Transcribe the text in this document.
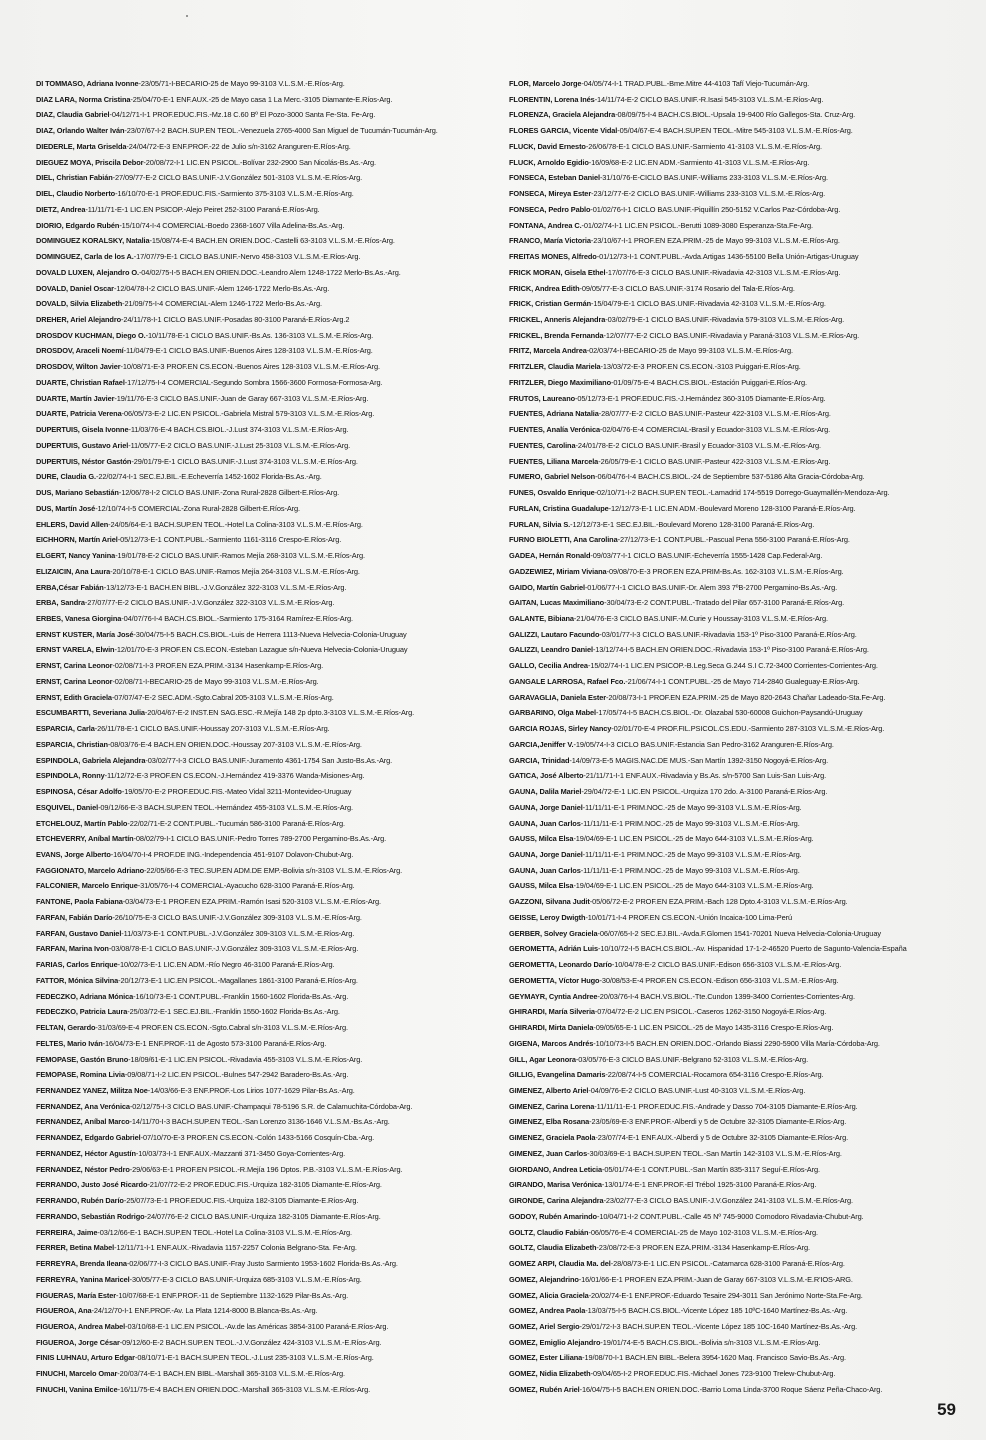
DI TOMMASO, Adriana Ivonne-23/05/71-I-BECARIO-25 de Mayo 99-3103 V.L.S.M.-E.Ríos-Arg.
DIAZ LARA, Norma Cristina-25/04/70-E-1 ENF.AUX.-25 de Mayo casa 1 La Merc.-3105 Diamante-E.Ríos-Arg.
DIAZ, Claudia Gabriel-04/12/71-I-1 PROF.EDUC.FIS.-Mz.18 C.60 Bº El Pozo-3000 Santa Fe-Sta. Fe-Arg.
DIAZ, Orlando Walter Iván-23/07/67-I-2 BACH.SUP.EN TEOL.-Venezuela 2765-4000 San Miguel de Tucumán-Tucumán-Arg.
DIEDERLE, Marta Griselda-24/04/72-E-3 ENF.PROF.-22 de Julio s/n-3162 Aranguren-E.Ríos-Arg.
DIEGUEZ MOYA, Priscila Debor-20/08/72-I-1 LIC.EN PSICOL.-Bolívar 232-2900 San Nicolás-Bs.As.-Arg.
DIEL, Christian Fabián-27/09/77-E-2 CICLO BAS.UNIF.-J.V.González 501-3103 V.L.S.M.-E.Ríos-Arg.
DIEL, Claudio Norberto-16/10/70-E-1 PROF.EDUC.FIS.-Sarmiento 375-3103 V.L.S.M.-E.Ríos-Arg.
DIETZ, Andrea-11/11/71-E-1 LIC.EN PSICOP.-Alejo Peiret 252-3100 Paraná-E.Ríos-Arg.
DIORIO, Edgardo Rubén-15/10/74-I-4 COMERCIAL-Boedo 2368-1607 Villa Adelina-Bs.As.-Arg.
DOMINGUEZ KORALSKY, Natalia-15/08/74-E-4 BACH.EN ORIEN.DOC.-Castelli 63-3103 V.L.S.M.-E.Ríos-Arg.
DOMINGUEZ, Carla de los A.-17/07/79-E-1 CICLO BAS.UNIF.-Nervo 458-3103 V.L.S.M.-E.Ríos-Arg.
DOVALD LUXEN, Alejandro O.-04/02/75-I-5 BACH.EN ORIEN.DOC.-Leandro Alem 1248-1722 Merlo-Bs.As.-Arg.
DOVALD, Daniel Oscar-12/04/78-I-2 CICLO BAS.UNIF.-Alem 1246-1722 Merlo-Bs.As.-Arg.
DOVALD, Silvia Elizabeth-21/09/75-I-4 COMERCIAL-Alem 1246-1722 Merlo-Bs.As.-Arg.
DREHER, Ariel Alejandro-24/11/78-I-1 CICLO BAS.UNIF.-Posadas 80-3100 Paraná-E.Ríos-Arg.2
DROSDOV KUCHMAN, Diego O.-10/11/78-E-1 CICLO BAS.UNIF.-Bs.As. 136-3103 V.L.S.M.-E.Ríos-Arg.
DROSDOV, Araceli Noemí-11/04/79-E-1 CICLO BAS.UNIF.-Buenos Aires 128-3103 V.L.S.M.-E.Ríos-Arg.
DROSDOV, Wilton Javier-10/08/71-E-3 PROF.EN CS.ECON.-Buenos Aires 128-3103 V.L.S.M.-E.Ríos-Arg.
DUARTE, Christian Rafael-17/12/75-I-4 COMERCIAL-Segundo Sombra 1566-3600 Formosa-Formosa-Arg.
DUARTE, Martín Javier-19/11/76-E-3 CICLO BAS.UNIF.-Juan de Garay 667-3103 V.L.S.M.-E.Ríos-Arg.
DUARTE, Patricia Verena-06/05/73-E-2 LIC.EN PSICOL.-Gabriela Mistral 579-3103 V.L.S.M.-E.Ríos-Arg.
DUPERTUIS, Gisela Ivonne-11/03/76-E-4 BACH.CS.BIOL.-J.Lust 374-3103 V.L.S.M.-E.Ríos-Arg.
DUPERTUIS, Gustavo Ariel-11/05/77-E-2 CICLO BAS.UNIF.-J.Lust 25-3103 V.L.S.M.-E.Ríos-Arg.
DUPERTUIS, Néstor Gastón-29/01/79-E-1 CICLO BAS.UNIF.-J.Lust 374-3103 V.L.S.M.-E.Ríos-Arg.
DURE, Claudia G.-22/02/74-I-1 SEC.EJ.BIL.-E.Echeverría 1452-1602 Florida-Bs.As.-Arg.
DUS, Mariano Sebastián-12/06/78-I-2 CICLO BAS.UNIF.-Zona Rural-2828 Gilbert-E.Ríos-Arg.
DUS, Martín José-12/10/74-I-5 COMERCIAL-Zona Rural-2828 Gilbert-E.Ríos-Arg.
EHLERS, David Allen-24/05/64-E-1 BACH.SUP.EN TEOL.-Hotel La Colina-3103 V.L.S.M.-E.Ríos-Arg.
EICHHORN, Martín Ariel-05/12/73-E-1 CONT.PUBL.-Sarmiento 1161-3116 Crespo-E.Ríos-Arg.
ELGERT, Nancy Yanina-19/01/78-E-2 CICLO BAS.UNIF.-Ramos Mejía 268-3103 V.L.S.M.-E.Ríos-Arg.
ELIZAICIN, Ana Laura-20/10/78-E-1 CICLO BAS.UNIF.-Ramos Mejía 264-3103 V.L.S.M.-E.Ríos-Arg.
ERBA,César Fabián-13/12/73-E-1 BACH.EN BIBL.-J.V.González 322-3103 V.L.S.M.-E.Ríos-Arg.
ERBA, Sandra-27/07/77-E-2 CICLO BAS.UNIF.-J.V.González 322-3103 V.L.S.M.-E.Ríos-Arg.
ERBES, Vanesa Giorgina-04/07/76-I-4 BACH.CS.BIOL.-Sarmiento 175-3164 Ramírez-E.Ríos-Arg.
ERNST KUSTER, María José-30/04/75-I-5 BACH.CS.BIOL.-Luis de Herrera 1113-Nueva Helvecia-Colonia-Uruguay
ERNST VARELA, Elwin-12/01/70-E-3 PROF.EN CS.ECON.-Esteban Lazague s/n-Nueva Helvecia-Colonia-Uruguay
ERNST, Carina Leonor-02/08/71-I-3 PROF.EN EZA.PRIM.-3134 Hasenkamp-E.Ríos-Arg.
ERNST, Carina Leonor-02/08/71-I-BECARIO-25 de Mayo 99-3103 V.L.S.M.-E.Ríos-Arg.
ERNST, Edith Graciela-07/07/47-E-2 SEC.ADM.-Sgto.Cabral 205-3103 V.L.S.M.-E.Ríos-Arg.
ESCUMBARTTI, Severiana Julia-20/04/67-E-2 INST.EN SAG.ESC.-R.Mejía 148 2p dpto.3-3103 V.L.S.M.-E.Ríos-Arg.
ESPARCIA, Carla-26/11/78-E-1 CICLO BAS.UNIF.-Houssay 207-3103 V.L.S.M.-E.Ríos-Arg.
ESPARCIA, Christian-08/03/76-E-4 BACH.EN ORIEN.DOC.-Houssay 207-3103 V.L.S.M.-E.Ríos-Arg.
ESPINDOLA, Gabriela Alejandra-03/02/77-I-3 CICLO BAS.UNIF.-Juramento 4361-1754 San Justo-Bs.As.-Arg.
ESPINDOLA, Ronny-11/12/72-E-3 PROF.EN CS.ECON.-J.Hernández 419-3376 Wanda-Misiones-Arg.
ESPINOSA, César Adolfo-19/05/70-E-2 PROF.EDUC.FIS.-Mateo Vidal 3211-Montevideo-Uruguay
ESQUIVEL, Daniel-09/12/66-E-3 BACH.SUP.EN TEOL.-Hernández 455-3103 V.L.S.M.-E.Ríos-Arg.
ETCHELOUZ, Martín Pablo-22/02/71-E-2 CONT.PUBL.-Tucumán 586-3100 Paraná-E.Ríos-Arg.
ETCHEVERRY, Aníbal Martín-08/02/79-I-1 CICLO BAS.UNIF.-Pedro Torres 789-2700 Pergamino-Bs.As.-Arg.
EVANS, Jorge Alberto-16/04/70-I-4 PROF.DE ING.-Independencia 451-9107 Dolavon-Chubut-Arg.
FAGGIONATO, Marcelo Adriano-22/05/66-E-3 TEC.SUP.EN ADM.DE EMP.-Bolivia s/n-3103 V.L.S.M.-E.Ríos-Arg.
FALCONIER, Marcelo Enrique-31/05/76-I-4 COMERCIAL-Ayacucho 628-3100 Paraná-E.Ríos-Arg.
FANTONE, Paola Fabiana-03/04/73-E-1 PROF.EN EZA.PRIM.-Ramón Isasi 520-3103 V.L.S.M.-E.Ríos-Arg.
FARFAN, Fabián Darío-26/10/75-E-3 CICLO BAS.UNIF.-J.V.González 309-3103 V.L.S.M.-E.Ríos-Arg.
FARFAN, Gustavo Daniel-11/03/73-E-1 CONT.PUBL.-J.V.González 309-3103 V.L.S.M.-E.Ríos-Arg.
FARFAN, Marina Ivon-03/08/78-E-1 CICLO BAS.UNIF.-J.V.González 309-3103 V.L.S.M.-E.Ríos-Arg.
FARIAS, Carlos Enrique-10/02/73-E-1 LIC.EN ADM.-Río Negro 46-3100 Paraná-E.Ríos-Arg.
FATTOR, Mónica Silvina-20/12/73-E-1 LIC.EN PSICOL.-Magallanes 1861-3100 Paraná-E.Ríos-Arg.
FEDECZKO, Adriana Mónica-16/10/73-E-1 CONT.PUBL.-Franklin 1560-1602 Florida-Bs.As.-Arg.
FEDECZKO, Patricia Laura-25/03/72-E-1 SEC.EJ.BIL.-Franklin 1550-1602 Florida-Bs.As.-Arg.
FELTAN, Gerardo-31/03/69-E-4 PROF.EN CS.ECON.-Sgto.Cabral s/n-3103 V.L.S.M.-E.Ríos-Arg.
FELTES, Mario Iván-16/04/73-E-1 ENF.PROF.-11 de Agosto 573-3100 Paraná-E.Ríos-Arg.
FEMOPASE, Gastón Bruno-18/09/61-E-1 LIC.EN PSICOL.-Rivadavia 455-3103 V.L.S.M.-E.Ríos-Arg.
FEMOPASE, Romina Livia-09/08/71-I-2 LIC.EN PSICOL.-Bulnes 547-2942 Baradero-Bs.As.-Arg.
FERNANDEZ YANEZ, Militza Noe-14/03/66-E-3 ENF.PROF.-Los Lirios 1077-1629 Pilar-Bs.As.-Arg.
FERNANDEZ, Ana Verónica-02/12/75-I-3 CICLO BAS.UNIF.-Champaqui 78-5196 S.R. de Calamuchita-Córdoba-Arg.
FERNANDEZ, Aníbal Marco-14/11/70-I-3 BACH.SUP.EN TEOL.-San Lorenzo 3136-1646 V.L.S.M.-Bs.As.-Arg.
FERNANDEZ, Edgardo Gabriel-07/10/70-E-3 PROF.EN CS.ECON.-Colón 1433-5166 Cosquín-Cba.-Arg.
FERNANDEZ, Héctor Agustín-10/03/73-I-1 ENF.AUX.-Mazzanti 371-3450 Goya-Corrientes-Arg.
FERNANDEZ, Néstor Pedro-29/06/63-E-1 PROF.EN PSICOL.-R.Mejía 196 Dptos. P.B.-3103 V.L.S.M.-E.Ríos-Arg.
FERRANDO, Justo José Ricardo-21/07/72-E-2 PROF.EDUC.FIS.-Urquiza 182-3105 Diamante-E.Ríos-Arg.
FERRANDO, Rubén Darío-25/07/73-E-1 PROF.EDUC.FIS.-Urquiza 182-3105 Diamante-E.Ríos-Arg.
FERRANDO, Sebastián Rodrigo-24/07/76-E-2 CICLO BAS.UNIF.-Urquiza 182-3105 Diamante-E.Ríos-Arg.
FERREIRA, Jaime-03/12/66-E-1 BACH.SUP.EN TEOL.-Hotel La Colina-3103 V.L.S.M.-E.Ríos-Arg.
FERRER, Betina Mabel-12/11/71-I-1 ENF.AUX.-Rivadavia 1157-2257 Colonia Belgrano-Sta. Fe-Arg.
FERREYRA, Brenda Ileana-02/06/77-I-3 CICLO BAS.UNIF.-Fray Justo Sarmiento 1953-1602 Florida-Bs.As.-Arg.
FERREYRA, Yanina Maricel-30/05/77-E-3 CICLO BAS.UNIF.-Urquiza 685-3103 V.L.S.M.-E.Ríos-Arg.
FIGUERAS, María Ester-10/07/68-E-1 ENF.PROF.-11 de Septiembre 1132-1629 Pilar-Bs.As.-Arg.
FIGUEROA, Ana-24/12/70-I-1 ENF.PROF.-Av. La Plata 1214-8000 B.Blanca-Bs.As.-Arg.
FIGUEROA, Andrea Mabel-03/10/68-E-1 LIC.EN PSICOL.-Av.de las Américas 3854-3100 Paraná-E.Ríos-Arg.
FIGUEROA, Jorge César-09/12/60-E-2 BACH.SUP.EN TEOL.-J.V.González 424-3103 V.L.S.M.-E.Ríos-Arg.
FINIS LUHNAU, Arturo Edgar-08/10/71-E-1 BACH.SUP.EN TEOL.-J.Lust 235-3103 V.L.S.M.-E.Ríos-Arg.
FINUCHI, Marcelo Omar-20/03/74-E-1 BACH.EN BIBL.-Marshall 365-3103 V.L.S.M.-E.Ríos-Arg.
FINUCHI, Vanina Emilce-16/11/75-E-4 BACH.EN ORIEN.DOC.-Marshall 365-3103 V.L.S.M.-E.Ríos-Arg.
FLOR, Marcelo Jorge-04/05/74-I-1 TRAD.PUBL.-Bme.Mitre 44-4103 Tafí Viejo-Tucumán-Arg.
FLORENTIN, Lorena Inés-14/11/74-E-2 CICLO BAS.UNIF.-R.Isasi 545-3103 V.L.S.M.-E.Ríos-Arg.
FLORENZA, Graciela Alejandra-08/09/75-I-4 BACH.CS.BIOL.-Upsala 19-9400 Río Gallegos-Sta. Cruz-Arg.
FLORES GARCIA, Vicente Vidal-05/04/67-E-4 BACH.SUP.EN TEOL.-Mitre 545-3103 V.L.S.M.-E.Ríos-Arg.
FLUCK, David Ernesto-26/06/78-E-1 CICLO BAS.UNIF.-Sarmiento 41-3103 V.L.S.M.-E.Ríos-Arg.
FLUCK, Arnoldo Egidio-16/09/68-E-2 LIC.EN ADM.-Sarmiento 41-3103 V.L.S.M.-E.Ríos-Arg.
FONSECA, Esteban Daniel-31/10/76-E-CICLO BAS.UNIF.-Williams 233-3103 V.L.S.M.-E.Ríos-Arg.
FONSECA, Mireya Ester-23/12/77-E-2 CICLO BAS.UNIF.-Williams 233-3103 V.L.S.M.-E.Ríos-Arg.
FONSECA, Pedro Pablo-01/02/76-I-1 CICLO BAS.UNIF.-Piquillín 250-5152 V.Carlos Paz-Córdoba-Arg.
FONTANA, Andrea C.-01/02/74-I-1 LIC.EN PSICOL.-Berutti 1089-3080 Esperanza-Sta.Fe-Arg.
FRANCO, María Victoria-23/10/67-I-1 PROF.EN EZA.PRIM.-25 de Mayo 99-3103 V.L.S.M.-E.Ríos-Arg.
FREITAS MONES, Alfredo-01/12/73-I-1 CONT.PUBL.-Avda.Artigas 1436-55100 Bella Unión-Artigas-Uruguay
FRICK MORAN, Gisela Ethel-17/07/76-E-3 CICLO BAS.UNIF.-Rivadavia 42-3103 V.L.S.M.-E.Ríos-Arg.
FRICK, Andrea Edith-09/05/77-E-3 CICLO BAS.UNIF.-3174 Rosario del Tala-E.Ríos-Arg.
FRICK, Cristian Germán-15/04/79-E-1 CICLO BAS.UNIF.-Rivadavia 42-3103 V.L.S.M.-E.Ríos-Arg.
FRICKEL, Anneris Alejandra-03/02/79-E-1 CICLO BAS.UNIF.-Rivadavia 579-3103 V.L.S.M.-E.Ríos-Arg.
FRICKEL, Brenda Fernanda-12/07/77-E-2 CICLO BAS.UNIF.-Rivadavia y Paraná-3103 V.L.S.M.-E.Ríos-Arg.
FRITZ, Marcela Andrea-02/03/74-I-BECARIO-25 de Mayo 99-3103 V.L.S.M.-E.Ríos-Arg.
FRITZLER, Claudia Mariela-13/03/72-E-3 PROF.EN CS.ECON.-3103 Puiggari-E.Ríos-Arg.
FRITZLER, Diego Maximiliano-01/09/75-E-4 BACH.CS.BIOL.-Estación Puiggari-E.Ríos-Arg.
FRUTOS, Laureano-05/12/73-E-1 PROF.EDUC.FIS.-J.Hernández 360-3105 Diamante-E.Ríos-Arg.
FUENTES, Adriana Natalia-28/07/77-E-2 CICLO BAS.UNIF.-Pasteur 422-3103 V.L.S.M.-E.Ríos-Arg.
FUENTES, Analía Verónica-02/04/76-E-4 COMERCIAL-Brasil y Ecuador-3103 V.L.S.M.-E.Ríos-Arg.
FUENTES, Carolina-24/01/78-E-2 CICLO BAS.UNIF.-Brasil y Ecuador-3103 V.L.S.M.-E.Ríos-Arg.
FUENTES, Liliana Marcela-26/05/79-E-1 CICLO BAS.UNIF.-Pasteur 422-3103 V.L.S.M.-E.Ríos-Arg.
FUMERO, Gabriel Nelson-06/04/76-I-4 BACH.CS.BIOL.-24 de Septiembre 537-5186 Alta Gracia-Córdoba-Arg.
FUNES, Osvaldo Enrique-02/10/71-I-2 BACH.SUP.EN TEOL.-Lamadrid 174-5519 Dorrego-Guaymallén-Mendoza-Arg.
FURLAN, Cristina Guadalupe-12/12/73-E-1 LIC.EN ADM.-Boulevard Moreno 128-3100 Paraná-E.Ríos-Arg.
FURLAN, Silvia S.-12/12/73-E-1 SEC.EJ.BIL.-Boulevard Moreno 128-3100 Paraná-E.Ríos-Arg.
FURNO BIOLETTI, Ana Carolina-27/12/73-E-1 CONT.PUBL.-Pascual Pena 556-3100 Paraná-E.Ríos-Arg.
GADEA, Hernán Ronald-09/03/77-I-1 CICLO BAS.UNIF.-Echeverría 1555-1428 Cap.Federal-Arg.
GADZEWIEZ, Miriam Viviana-09/08/70-E-3 PROF.EN EZA.PRIM-Bs.As. 162-3103 V.L.S.M.-E.Ríos-Arg.
GAIDO, Martín Gabriel-01/06/77-I-1 CICLO BAS.UNIF.-Dr. Alem 393 7ºB-2700 Pergamino-Bs.As.-Arg.
GAITAN, Lucas Maximiliano-30/04/73-E-2 CONT.PUBL.-Tratado del Pilar 657-3100 Paraná-E.Ríos-Arg.
GALANTE, Bibiana-21/04/76-E-3 CICLO BAS.UNIF.-M.Curie y Houssay-3103 V.L.S.M.-E.Ríos-Arg.
GALIZZI, Lautaro Facundo-03/01/77-I-3 CICLO BAS.UNIF.-Rivadavia 153-1º Piso-3100 Paraná-E.Ríos-Arg.
GALIZZI, Leandro Daniel-13/12/74-I-5 BACH.EN ORIEN.DOC.-Rivadavia 153-1º Piso-3100 Paraná-E.Ríos-Arg.
GALLO, Cecilia Andrea-15/02/74-I-1 LIC.EN PSICOP.-B.Leg.Seca G.244 S.I C.72-3400 Corrientes-Corrientes-Arg.
GANGALE LARROSA, Rafael Fco.-21/06/74-I-1 CONT.PUBL.-25 de Mayo 714-2840 Gualeguay-E.Ríos-Arg.
GARAVAGLIA, Daniela Ester-20/08/73-I-1 PROF.EN EZA.PRIM.-25 de Mayo 820-2643 Chañar Ladeado-Sta.Fe-Arg.
GARBARINO, Olga Mabel-17/05/74-I-5 BACH.CS.BIOL.-Dr. Olazabal 530-60008 Guichon-Paysandú-Uruguay
GARCIA ROJAS, Sirley Nancy-02/01/70-E-4 PROF.FIL.PSICOL.CS.EDU.-Sarmiento 287-3103 V.L.S.M.-E.Ríos-Arg.
GARCIA,Jeniffer V.-19/05/74-I-3 CICLO BAS.UNIF.-Estancia San Pedro-3162 Aranguren-E.Ríos-Arg.
GARCIA, Trinidad-14/09/73-E-5 MAGIS.NAC.DE MUS.-San Martín 1392-3150 Nogoyá-E.Ríos-Arg.
GATICA, José Alberto-21/11/71-I-1 ENF.AUX.-Rivadavia y Bs.As. s/n-5700 San Luis-San Luis-Arg.
GAUNA, Dalila Mariel-29/04/72-E-1 LIC.EN PSICOL.-Urquiza 170 2do. A-3100 Paraná-E.Ríos-Arg.
GAUNA, Jorge Daniel-11/11/11-E-1 PRIM.NOC.-25 de Mayo 99-3103 V.L.S.M.-E.Ríos-Arg.
GAUNA, Juan Carlos-11/11/11-E-1 PRIM.NOC.-25 de Mayo 99-3103 V.L.S.M.-E.Ríos-Arg.
GAUSS, Milca Elsa-19/04/69-E-1 LIC.EN PSICOL.-25 de Mayo 644-3103 V.L.S.M.-E.Ríos-Arg.
GAUNA, Jorge Daniel-11/11/11-E-1 PRIM.NOC.-25 de Mayo 99-3103 V.L.S.M.-E.Ríos-Arg.
GAUNA, Juan Carlos-11/11/11-E-1 PRIM.NOC.-25 de Mayo 99-3103 V.L.S.M.-E.Ríos-Arg.
GAUSS, Milca Elsa-19/04/69-E-1 LIC.EN PSICOL.-25 de Mayo 644-3103 V.L.S.M.-E.Ríos-Arg.
GAZZONI, Silvana Judit-05/06/72-E-2 PROF.EN EZA.PRIM.-Bach 128 Dpto.4-3103 V.L.S.M.-E.Ríos-Arg.
GEISSE, Leroy Dwigth-10/01/71-I-4 PROF.EN CS.ECON.-Unión Incaica-100 Lima-Perú
GERBER, Solvey Graciela-06/07/65-I-2 SEC.EJ.BIL.-Avda.F.Glomen 1541-70201 Nueva Helvecia-Colonia-Uruguay
GEROMETTA, Adrián Luis-10/10/72-I-5 BACH.CS.BIOL.-Av. Hispanidad 17-1-2-46520 Puerto de Sagunto-Valencia-España
GEROMETTA, Leonardo Darío-10/04/78-E-2 CICLO BAS.UNIF.-Edison 656-3103 V.L.S.M.-E.Ríos-Arg.
GEROMETTA, Víctor Hugo-30/08/53-E-4 PROF.EN CS.ECON.-Edison 656-3103 V.L.S.M.-E.Ríos-Arg.
GEYMAYR, Cyntia Andree-20/03/76-I-4 BACH.VS.BIOL.-Tte.Cundon 1399-3400 Corrientes-Corrientes-Arg.
GHIRARDI, María Silveria-07/04/72-E-2 LIC.EN PSICOL.-Caseros 1262-3150 Nogoyá-E.Ríos-Arg.
GHIRARDI, Mirta Daniela-09/05/65-E-1 LIC.EN PSICOL.-25 de Mayo 1435-3116 Crespo-E.Ríos-Arg.
GIGENA, Marcos Andrés-10/10/73-I-5 BACH.EN ORIEN.DOC.-Orlando Biassi 2290-5900 Villa María-Córdoba-Arg.
GILL, Agar Leonora-03/05/76-E-3 CICLO BAS.UNIF.-Belgrano 52-3103 V.L.S.M.-E.Ríos-Arg.
GILLIG, Evangelina Damaris-22/08/74-I-5 COMERCIAL-Rocamora 654-3116 Crespo-E.Ríos-Arg.
GIMENEZ, Alberto Ariel-04/09/76-E-2 CICLO BAS.UNIF.-Lust 40-3103 V.L.S.M.-E.Ríos-Arg.
GIMENEZ, Carina Lorena-11/11/11-E-1 PROF.EDUC.FIS.-Andrade y Dasso 704-3105 Diamante-E.Ríos-Arg.
GIMENEZ, Elba Rosana-23/05/69-E-3 ENF.PROF.-Alberdi y 5 de Octubre 32-3105 Diamante-E.Ríos-Arg.
GIMENEZ, Graciela Paola-23/07/74-E-1 ENF.AUX.-Alberdi y 5 de Octubre 32-3105 Diamante-E.Ríos-Arg.
GIMENEZ, Juan Carlos-30/03/69-E-1 BACH.SUP.EN TEOL.-San Martín 142-3103 V.L.S.M.-E.Ríos-Arg.
GIORDANO, Andrea Leticia-05/01/74-E-1 CONT.PUBL.-San Martín 835-3117 Seguí-E.Ríos-Arg.
GIRANDO, Marisa Verónica-13/01/74-E-1 ENF.PROF.-El Trébol 1925-3100 Paraná-E.Ríos-Arg.
GIRONDE, Carina Alejandra-23/02/77-E-3 CICLO BAS.UNIF.-J.V.González 241-3103 V.L.S.M.-E.Ríos-Arg.
GODOY, Rubén Amarindo-10/04/71-I-2 CONT.PUBL.-Calle 45 Nº 745-9000 Comodoro Rivadavia-Chubut-Arg.
GOLTZ, Claudio Fabián-06/05/76-E-4 COMERCIAL-25 de Mayo 102-3103 V.L.S.M.-E.Ríos-Arg.
GOLTZ, Claudia Elizabeth-23/08/72-E-3 PROF.EN EZA.PRIM.-3134 Hasenkamp-E.Ríos-Arg.
GOMEZ ARPI, Claudia Ma. del-28/08/73-E-1 LIC.EN PSICOL.-Catamarca 628-3100 Paraná-E.Ríos-Arg.
GOMEZ, Alejandrino-16/01/66-E-1 PROF.EN EZA.PRIM.-Juan de Garay 667-3103 V.L.S.M.-E.R'IOS-ARG.
GOMEZ, Alicia Graciela-20/02/74-E-1 ENF.PROF.-Eduardo Tesaire 294-3011 San Jerónimo Norte-Sta.Fe-Arg.
GOMEZ, Andrea Paola-13/03/75-I-5 BACH.CS.BIOL.-Vicente López 185 10ºC-1640 Martínez-Bs.As.-Arg.
GOMEZ, Ariel Sergio-29/01/72-I-3 BACH.SUP.EN TEOL.-Vicente López 185 10C-1640 Martínez-Bs.As.-Arg.
GOMEZ, Emiglio Alejandro-19/01/74-E-5 BACH.CS.BIOL.-Bolivia s/n-3103 V.L.S.M.-E.Ríos-Arg.
GOMEZ, Ester Liliana-19/08/70-I-1 BACH.EN BIBL.-Belera 3954-1620 Maq. Francisco Savio-Bs.As.-Arg.
GOMEZ, Nidia Elizabeth-09/04/65-I-2 PROF.EDUC.FIS.-Michael Jones 723-9100 Trelew-Chubut-Arg.
GOMEZ, Rubén Ariel-16/04/75-I-5 BACH.EN ORIEN.DOC.-Barrio Loma Linda-3700 Roque Sáenz Peña-Chaco-Arg.
59
